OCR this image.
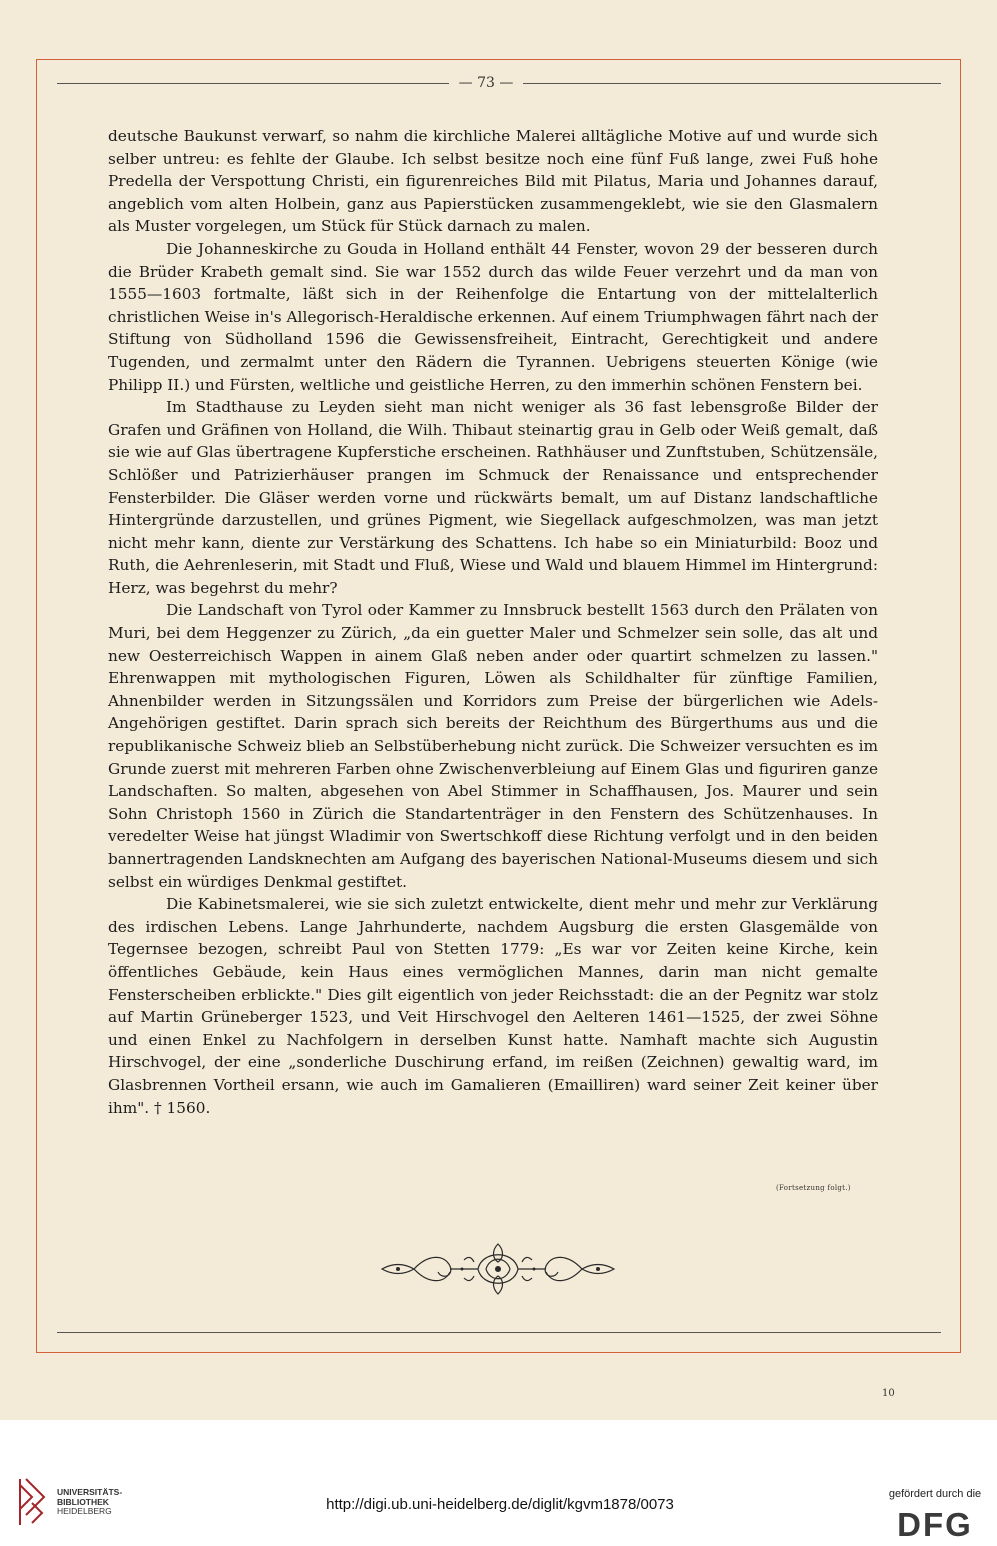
— 73 —

deutsche Baukunst verwarf, so nahm die kirchliche Malerei alltägliche Motive auf und wurde sich selber untreu: es fehlte der Glaube. Ich selbst besitze noch eine fünf Fuß lange, zwei Fuß hohe Predella der Verspottung Christi, ein figurenreiches Bild mit Pilatus, Maria und Johannes darauf, angeblich vom alten Holbein, ganz aus Papierstücken zusammengeklebt, wie sie den Glasmalern als Muster vorgelegen, um Stück für Stück darnach zu malen.

Die Johanneskirche zu Gouda in Holland enthält 44 Fenster, wovon 29 der besseren durch die Brüder Krabeth gemalt sind. Sie war 1552 durch das wilde Feuer verzehrt und da man von 1555—1603 fortmalte, läßt sich in der Reihenfolge die Entartung von der mittelalterlich christlichen Weise in's Allegorisch-Heraldische erkennen. Auf einem Triumphwagen fährt nach der Stiftung von Südholland 1596 die Gewissensfreiheit, Eintracht, Gerechtigkeit und andere Tugenden, und zermalmt unter den Rädern die Tyrannen. Uebrigens steuerten Könige (wie Philipp II.) und Fürsten, weltliche und geistliche Herren, zu den immerhin schönen Fenstern bei.

Im Stadthause zu Leyden sieht man nicht weniger als 36 fast lebensgroße Bilder der Grafen und Gräfinen von Holland, die Wilh. Thibaut steinartig grau in Gelb oder Weiß gemalt, daß sie wie auf Glas übertragene Kupferstiche erscheinen. Rathhäuser und Zunftstuben, Schützensäle, Schlößer und Patrizierhäuser prangen im Schmuck der Renaissance und entsprechender Fensterbilder. Die Gläser werden vorne und rückwärts bemalt, um auf Distanz landschaftliche Hintergründe darzustellen, und grünes Pigment, wie Siegellack aufgeschmolzen, was man jetzt nicht mehr kann, diente zur Verstärkung des Schattens. Ich habe so ein Miniaturbild: Booz und Ruth, die Aehrenleserin, mit Stadt und Fluß, Wiese und Wald und blauem Himmel im Hintergrund: Herz, was begehrst du mehr?

Die Landschaft von Tyrol oder Kammer zu Innsbruck bestellt 1563 durch den Prälaten von Muri, bei dem Heggenzer zu Zürich, „da ein guetter Maler und Schmelzer sein solle, das alt und new Oesterreichisch Wappen in ainem Glaß neben ander oder quartirt schmelzen zu lassen." Ehrenwappen mit mythologischen Figuren, Löwen als Schildhalter für zünftige Familien, Ahnenbilder werden in Sitzungssälen und Korridors zum Preise der bürgerlichen wie Adels-Angehörigen gestiftet. Darin sprach sich bereits der Reichthum des Bürgerthums aus und die republikanische Schweiz blieb an Selbstüberhebung nicht zurück. Die Schweizer versuchten es im Grunde zuerst mit mehreren Farben ohne Zwischenverbleiung auf Einem Glas und figuriren ganze Landschaften. So malten, abgesehen von Abel Stimmer in Schaffhausen, Jos. Maurer und sein Sohn Christoph 1560 in Zürich die Standartenträger in den Fenstern des Schützenhauses. In veredelter Weise hat jüngst Wladimir von Swertschkoff diese Richtung verfolgt und in den beiden bannertragenden Landsknechten am Aufgang des bayerischen National-Museums diesem und sich selbst ein würdiges Denkmal gestiftet.

Die Kabinetsmalerei, wie sie sich zuletzt entwickelte, dient mehr und mehr zur Verklärung des irdischen Lebens. Lange Jahrhunderte, nachdem Augsburg die ersten Glasgemälde von Tegernsee bezogen, schreibt Paul von Stetten 1779: „Es war vor Zeiten keine Kirche, kein öffentliches Gebäude, kein Haus eines vermöglichen Mannes, darin man nicht gemalte Fensterscheiben erblickte." Dies gilt eigentlich von jeder Reichsstadt: die an der Pegnitz war stolz auf Martin Grüneberger 1523, und Veit Hirschvogel den Aelteren 1461—1525, der zwei Söhne und einen Enkel zu Nachfolgern in derselben Kunst hatte. Namhaft machte sich Augustin Hirschvogel, der eine „sonderliche Duschirung erfand, im reißen (Zeichnen) gewaltig ward, im Glasbrennen Vortheil ersann, wie auch im Gamalieren (Emailliren) ward seiner Zeit keiner über ihm". † 1560.

(Fortsetzung folgt.)
10
UNIVERSITÄTS-
BIBLIOTHEK
HEIDELBERG	http://digi.ub.uni-heidelberg.de/diglit/kgvm1878/0073
gefördert durch die
DFG
